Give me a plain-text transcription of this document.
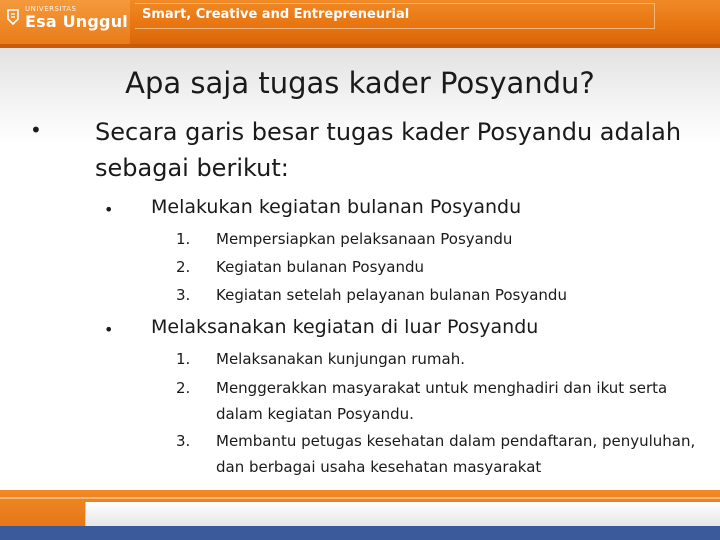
UNIVERSITAS
Esa Unggul Smart, Creative and Entrepreneurial
Apa saja tugas kader Posyandu?
• Secara garis besar tugas kader Posyandu adalah sebagai berikut:
• Melakukan kegiatan bulanan Posyandu
1.	Mempersiapkan pelaksanaan Posyandu
2.	Kegiatan bulanan Posyandu
3.	Kegiatan setelah pelayanan bulanan Posyandu
• Melaksanakan kegiatan di luar Posyandu
1.	Melaksanakan kunjungan rumah.
2.	Menggerakkan masyarakat untuk menghadiri dan ikut serta dalam kegiatan Posyandu.
3.	Membantu petugas kesehatan dalam pendaftaran, penyuluhan, dan berbagai usaha kesehatan masyarakat
